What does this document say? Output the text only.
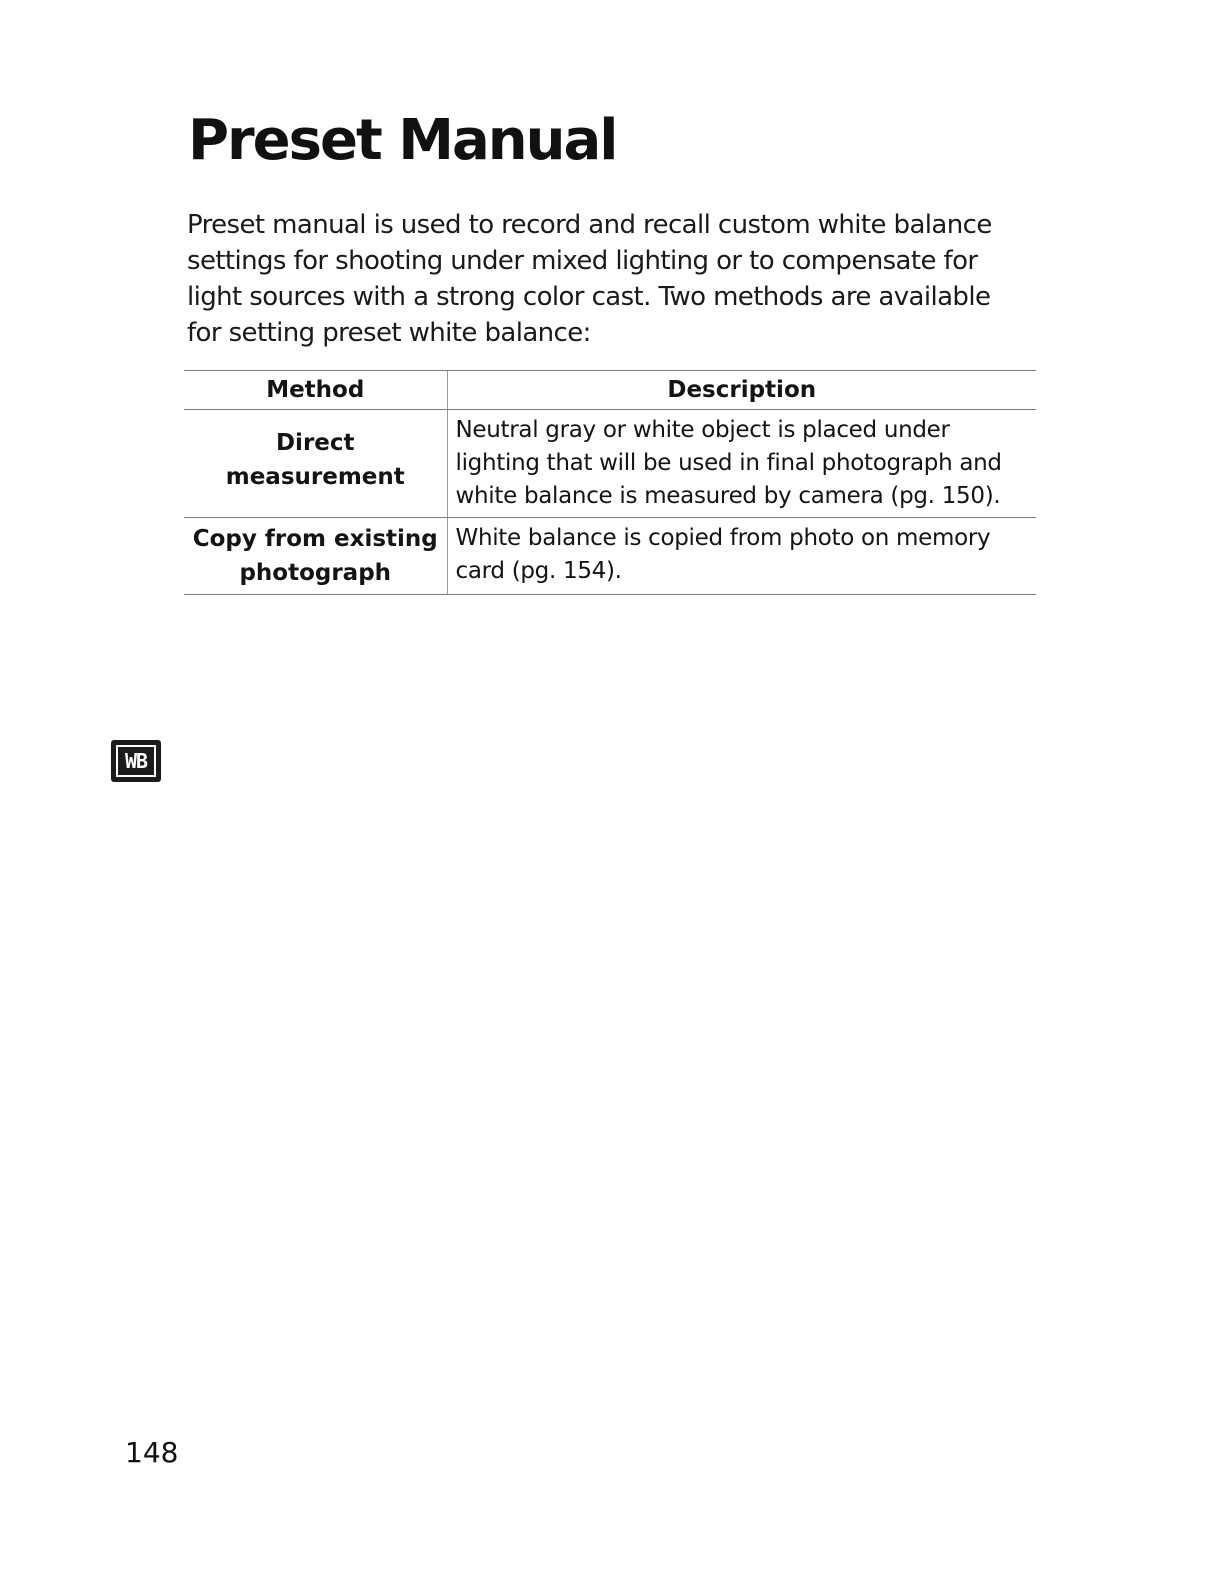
Preset Manual

Preset manual is used to record and recall custom white balance settings for shooting under mixed lighting or to compensate for light sources with a strong color cast. Two methods are available for setting preset white balance:

Method	Description
Direct measurement	Neutral gray or white object is placed under lighting that will be used in final photograph and white balance is measured by camera (pg. 150).
Copy from existing photograph	White balance is copied from photo on memory card (pg. 154).
WB

148
